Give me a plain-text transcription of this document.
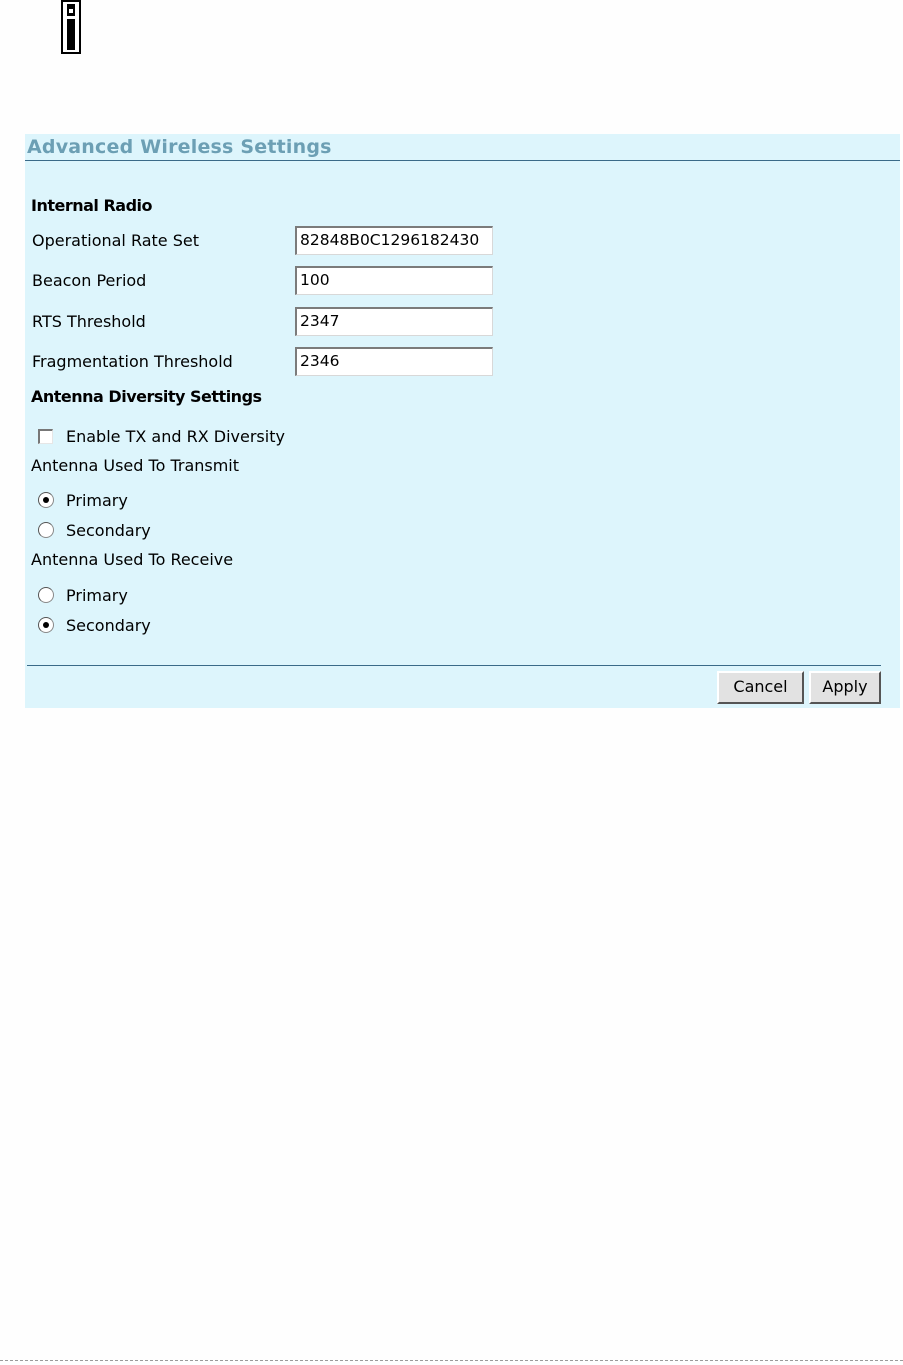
Advanced Wireless Settings
Internal Radio
Operational Rate Set	82848B0C1296182430
Beacon Period	100
RTS Threshold	2347
Fragmentation Threshold	2346
Antenna Diversity Settings
Enable TX and RX Diversity
Antenna Used To Transmit
Primary
Secondary
Antenna Used To Receive
Primary
Secondary
Cancel	Apply
